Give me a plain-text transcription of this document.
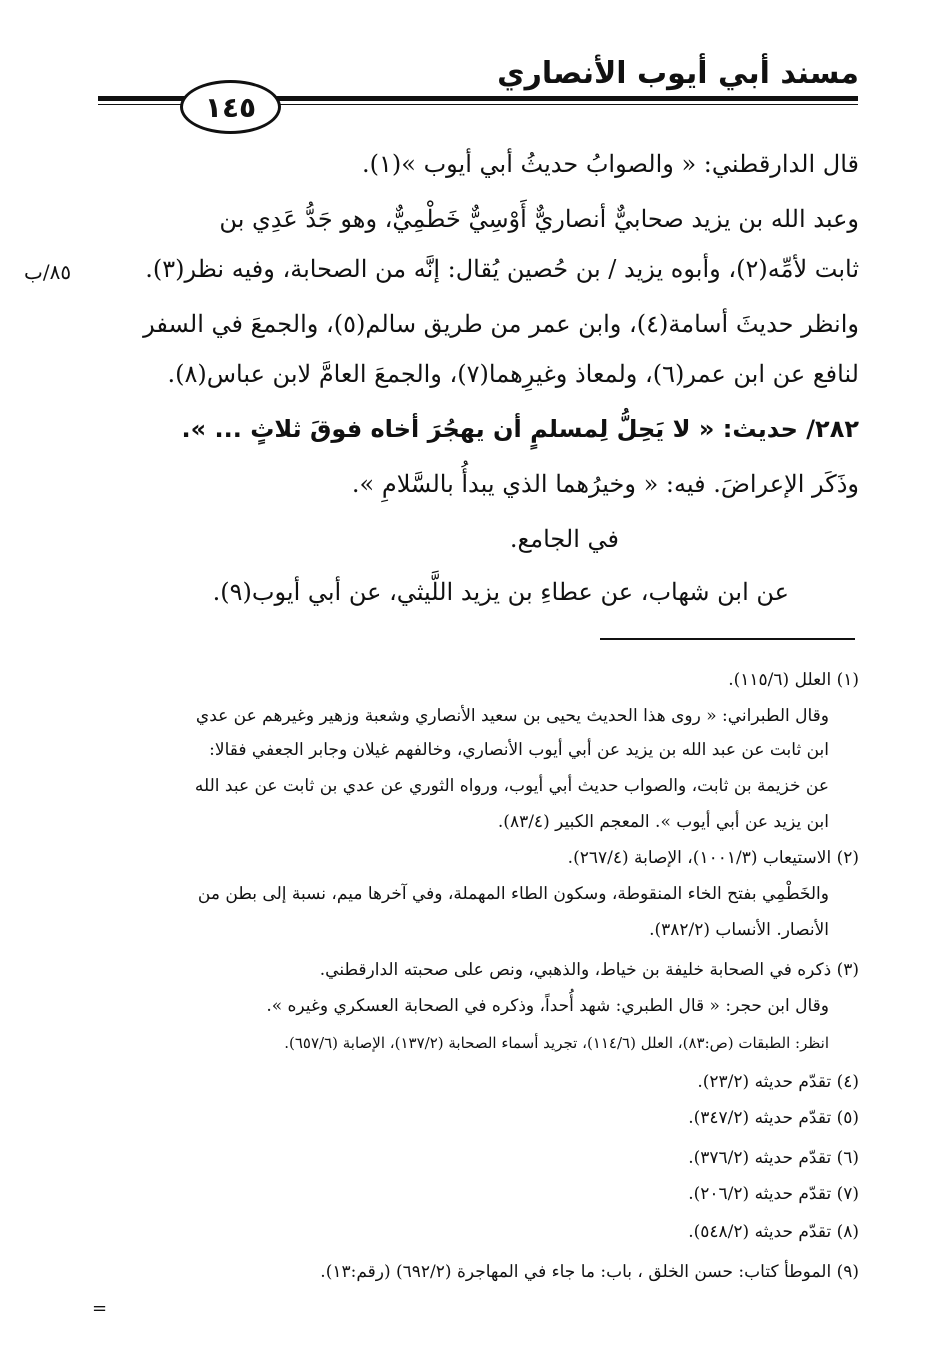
مسند أبي أيوب الأنصاري
١٤٥
٨٥/ب
قال الدارقطني: « والصوابُ حديثُ أبي أيوب »(١).
وعبد الله بن يزيد صحابيٌّ أنصاريٌّ أَوْسِيٌّ خَطْمِيٌّ، وهو جَدُّ عَدِي بن
ثابت لأمِّه(٢)، وأبوه يزيد / بن حُصين يُقال: إنَّه من الصحابة، وفيه نظر(٣).
وانظر حديثَ أسامة(٤)، وابن عمر من طريق سالم(٥)، والجمعَ في السفر
لنافع عن ابن عمر(٦)، ولمعاذ وغيرِهما(٧)، والجمعَ العامَّ لابن عباس(٨).
٢٨٢/ حديث: « لا يَحِلُّ لِمسلمٍ أن يهجُرَ أخاه فوقَ ثلاثٍ ... ».
وذَكَر الإعراضَ. فيه: « وخيرُهما الذي يبدأُ بالسَّلامِ ».
في الجامع.
عن ابن شهاب، عن عطاءِ بن يزيد اللَّيثي، عن أبي أيوب(٩).
(١) العلل (١١٥/٦).
وقال الطبراني: « روى هذا الحديث يحيى بن سعيد الأنصاري وشعبة وزهير وغيرهم عن عدي
ابن ثابت عن عبد الله بن يزيد عن أبي أيوب الأنصاري، وخالفهم غيلان وجابر الجعفي فقالا:
عن خزيمة بن ثابت، والصواب حديث أبي أيوب، ورواه الثوري عن عدي بن ثابت عن عبد الله
ابن يزيد عن أبي أيوب ». المعجم الكبير (٨٣/٤).
(٢) الاستيعاب (١٠٠١/٣)، الإصابة (٢٦٧/٤).
والخَطْمِي بفتح الخاء المنقوطة، وسكون الطاء المهملة، وفي آخرها ميم، نسبة إلى بطن من
الأنصار. الأنساب (٣٨٢/٢).
(٣) ذكره في الصحابة خليفة بن خياط، والذهبي، ونص على صحبته الدارقطني.
وقال ابن حجر: « قال الطبري: شهد أُحداً، وذكره في الصحابة العسكري وغيره ».
انظر: الطبقات (ص:٨٣)، العلل (١١٤/٦)، تجريد أسماء الصحابة (١٣٧/٢)، الإصابة (٦٥٧/٦).
(٤) تقدّم حديثه (٢٣/٢).
(٥) تقدّم حديثه (٣٤٧/٢).
(٦) تقدّم حديثه (٣٧٦/٢).
(٧) تقدّم حديثه (٢٠٦/٢).
(٨) تقدّم حديثه (٥٤٨/٢).
(٩) الموطأ كتاب: حسن الخلق ، باب: ما جاء في المهاجرة (٦٩٢/٢) (رقم:١٣).
=
